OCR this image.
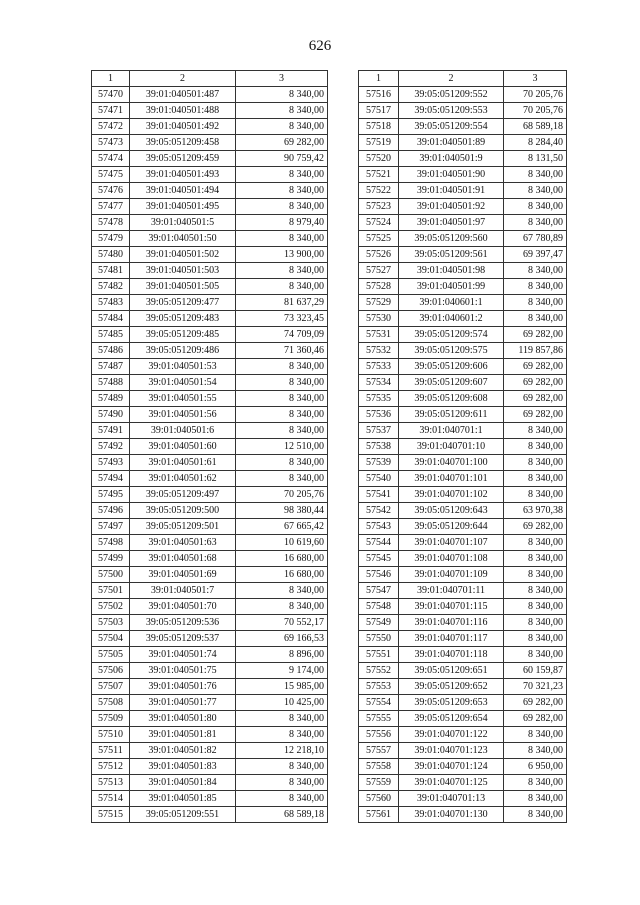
626
1	2	3
57470	39:01:040501:487	8 340,00
57471	39:01:040501:488	8 340,00
57472	39:01:040501:492	8 340,00
57473	39:05:051209:458	69 282,00
57474	39:05:051209:459	90 759,42
57475	39:01:040501:493	8 340,00
57476	39:01:040501:494	8 340,00
57477	39:01:040501:495	8 340,00
57478	39:01:040501:5	8 979,40
57479	39:01:040501:50	8 340,00
57480	39:01:040501:502	13 900,00
57481	39:01:040501:503	8 340,00
57482	39:01:040501:505	8 340,00
57483	39:05:051209:477	81 637,29
57484	39:05:051209:483	73 323,45
57485	39:05:051209:485	74 709,09
57486	39:05:051209:486	71 360,46
57487	39:01:040501:53	8 340,00
57488	39:01:040501:54	8 340,00
57489	39:01:040501:55	8 340,00
57490	39:01:040501:56	8 340,00
57491	39:01:040501:6	8 340,00
57492	39:01:040501:60	12 510,00
57493	39:01:040501:61	8 340,00
57494	39:01:040501:62	8 340,00
57495	39:05:051209:497	70 205,76
57496	39:05:051209:500	98 380,44
57497	39:05:051209:501	67 665,42
57498	39:01:040501:63	10 619,60
57499	39:01:040501:68	16 680,00
57500	39:01:040501:69	16 680,00
57501	39:01:040501:7	8 340,00
57502	39:01:040501:70	8 340,00
57503	39:05:051209:536	70 552,17
57504	39:05:051209:537	69 166,53
57505	39:01:040501:74	8 896,00
57506	39:01:040501:75	9 174,00
57507	39:01:040501:76	15 985,00
57508	39:01:040501:77	10 425,00
57509	39:01:040501:80	8 340,00
57510	39:01:040501:81	8 340,00
57511	39:01:040501:82	12 218,10
57512	39:01:040501:83	8 340,00
57513	39:01:040501:84	8 340,00
57514	39:01:040501:85	8 340,00
57515	39:05:051209:551	68 589,18
1	2	3
57516	39:05:051209:552	70 205,76
57517	39:05:051209:553	70 205,76
57518	39:05:051209:554	68 589,18
57519	39:01:040501:89	8 284,40
57520	39:01:040501:9	8 131,50
57521	39:01:040501:90	8 340,00
57522	39:01:040501:91	8 340,00
57523	39:01:040501:92	8 340,00
57524	39:01:040501:97	8 340,00
57525	39:05:051209:560	67 780,89
57526	39:05:051209:561	69 397,47
57527	39:01:040501:98	8 340,00
57528	39:01:040501:99	8 340,00
57529	39:01:040601:1	8 340,00
57530	39:01:040601:2	8 340,00
57531	39:05:051209:574	69 282,00
57532	39:05:051209:575	119 857,86
57533	39:05:051209:606	69 282,00
57534	39:05:051209:607	69 282,00
57535	39:05:051209:608	69 282,00
57536	39:05:051209:611	69 282,00
57537	39:01:040701:1	8 340,00
57538	39:01:040701:10	8 340,00
57539	39:01:040701:100	8 340,00
57540	39:01:040701:101	8 340,00
57541	39:01:040701:102	8 340,00
57542	39:05:051209:643	63 970,38
57543	39:05:051209:644	69 282,00
57544	39:01:040701:107	8 340,00
57545	39:01:040701:108	8 340,00
57546	39:01:040701:109	8 340,00
57547	39:01:040701:11	8 340,00
57548	39:01:040701:115	8 340,00
57549	39:01:040701:116	8 340,00
57550	39:01:040701:117	8 340,00
57551	39:01:040701:118	8 340,00
57552	39:05:051209:651	60 159,87
57553	39:05:051209:652	70 321,23
57554	39:05:051209:653	69 282,00
57555	39:05:051209:654	69 282,00
57556	39:01:040701:122	8 340,00
57557	39:01:040701:123	8 340,00
57558	39:01:040701:124	6 950,00
57559	39:01:040701:125	8 340,00
57560	39:01:040701:13	8 340,00
57561	39:01:040701:130	8 340,00
